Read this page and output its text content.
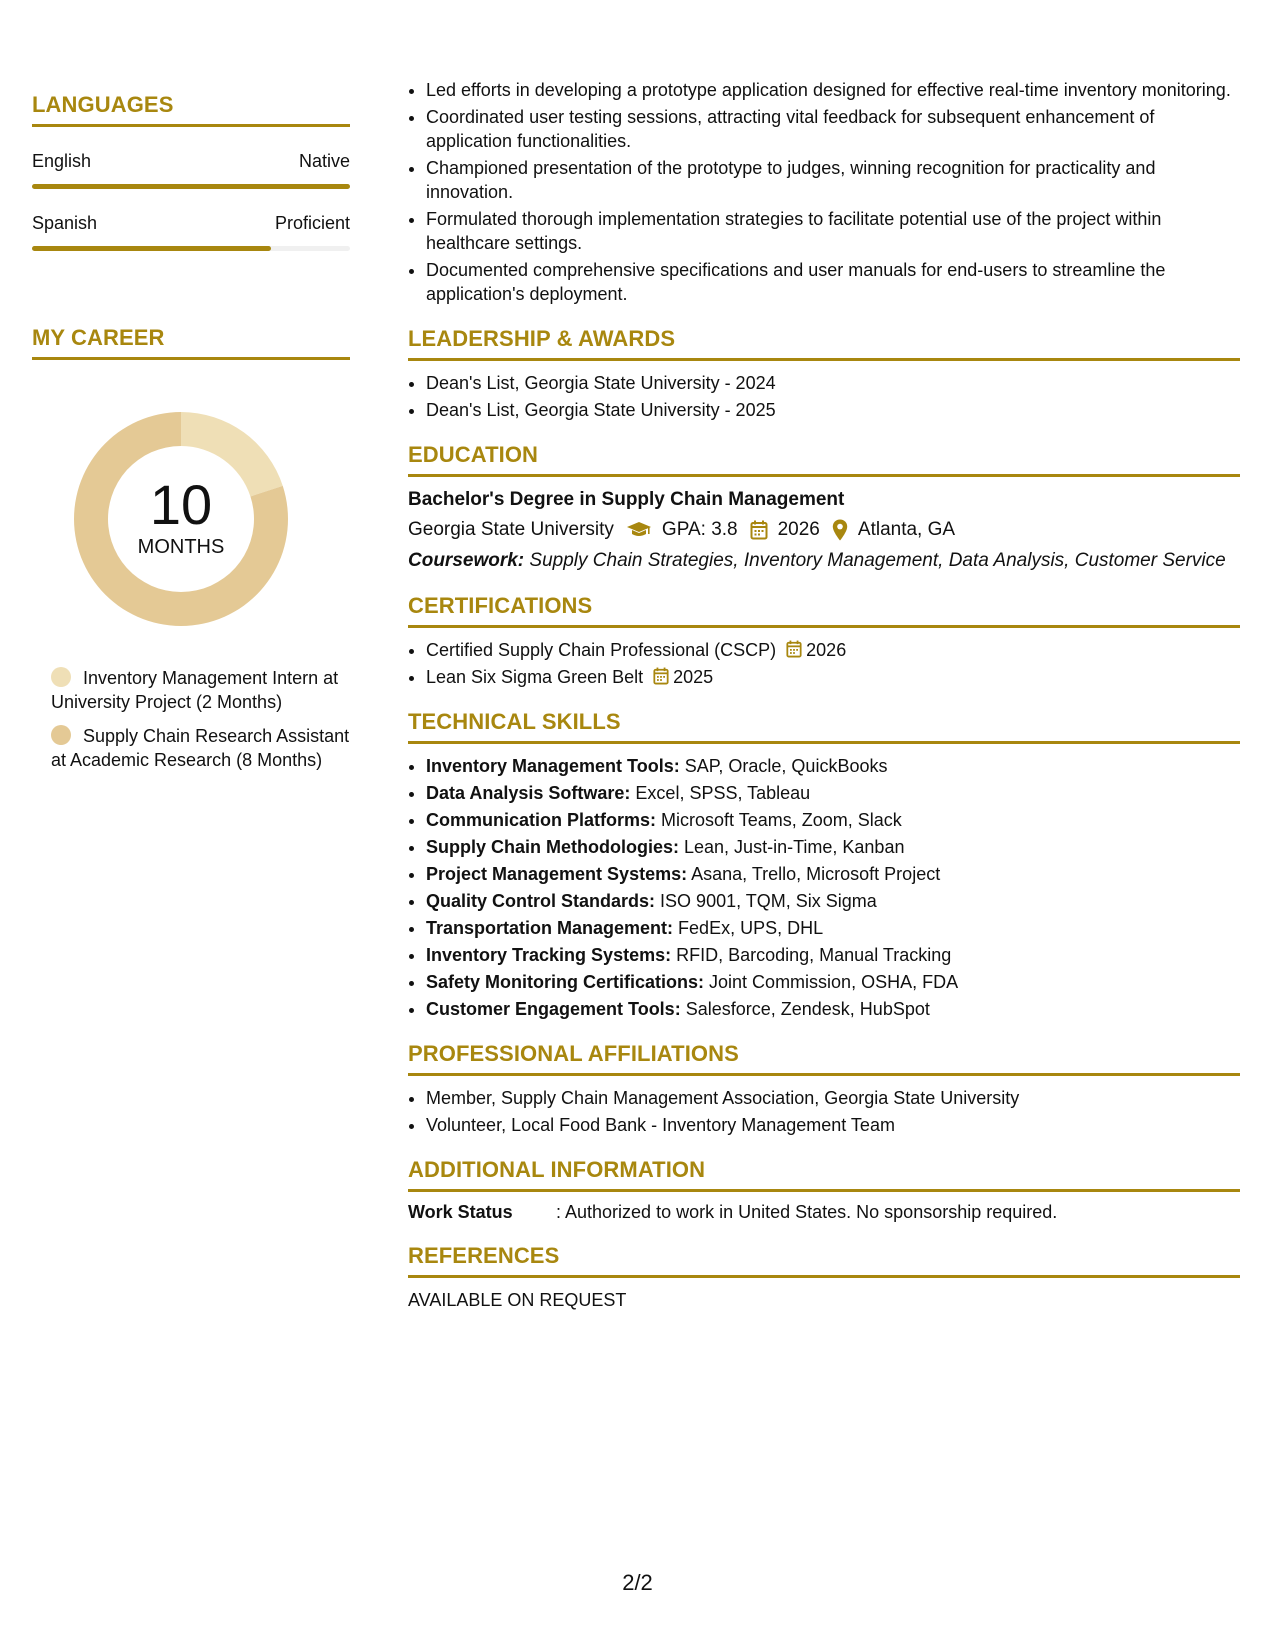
LANGUAGES
English	Native
Spanish	Proficient
MY CAREER
10
MONTHS
Inventory Management Intern at University Project (2 Months)
Supply Chain Research Assistant at Academic Research (8 Months)
• Led efforts in developing a prototype application designed for effective real-time inventory monitoring.
• Coordinated user testing sessions, attracting vital feedback for subsequent enhancement of application functionalities.
• Championed presentation of the prototype to judges, winning recognition for practicality and innovation.
• Formulated thorough implementation strategies to facilitate potential use of the project within healthcare settings.
• Documented comprehensive specifications and user manuals for end-users to streamline the application's deployment.
LEADERSHIP & AWARDS
• Dean's List, Georgia State University - 2024
• Dean's List, Georgia State University - 2025
EDUCATION
Bachelor's Degree in Supply Chain Management
Georgia State University	GPA: 3.8 2026 Atlanta, GA
Coursework: Supply Chain Strategies, Inventory Management, Data Analysis, Customer Service
CERTIFICATIONS
• Certified Supply Chain Professional (CSCP) 2026
• Lean Six Sigma Green Belt 2025
TECHNICAL SKILLS
• Inventory Management Tools: SAP, Oracle, QuickBooks
• Data Analysis Software: Excel, SPSS, Tableau
• Communication Platforms: Microsoft Teams, Zoom, Slack
• Supply Chain Methodologies: Lean, Just-in-Time, Kanban
• Project Management Systems: Asana, Trello, Microsoft Project
• Quality Control Standards: ISO 9001, TQM, Six Sigma
• Transportation Management: FedEx, UPS, DHL
• Inventory Tracking Systems: RFID, Barcoding, Manual Tracking
• Safety Monitoring Certifications: Joint Commission, OSHA, FDA
• Customer Engagement Tools: Salesforce, Zendesk, HubSpot
PROFESSIONAL AFFILIATIONS
• Member, Supply Chain Management Association, Georgia State University
• Volunteer, Local Food Bank - Inventory Management Team
ADDITIONAL INFORMATION
Work Status	: Authorized to work in United States. No sponsorship required.
REFERENCES
AVAILABLE ON REQUEST
2/2
